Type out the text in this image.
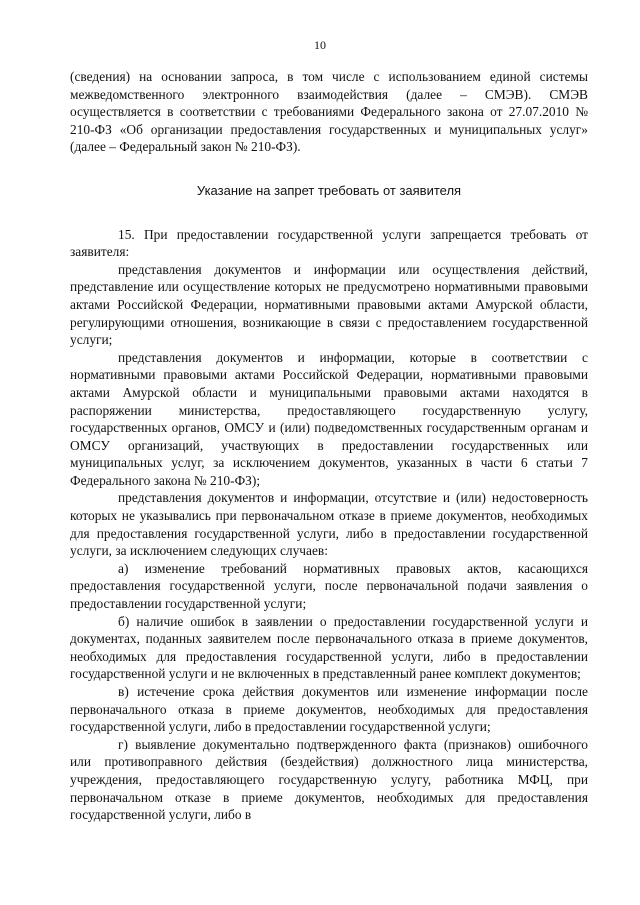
10

(сведения) на основании запроса, в том числе с использованием единой системы межведомственного электронного взаимодействия (далее – СМЭВ). СМЭВ осуществляется в соответствии с требованиями Федерального закона от 27.07.2010 № 210-ФЗ «Об организации предоставления государственных и муниципальных услуг» (далее – Федеральный закон № 210-ФЗ).

Указание на запрет требовать от заявителя

15. При предоставлении государственной услуги запрещается требовать от заявителя:

представления документов и информации или осуществления действий, представление или осуществление которых не предусмотрено нормативными правовыми актами Российской Федерации, нормативными правовыми актами Амурской области, регулирующими отношения, возникающие в связи с предоставлением государственной услуги;

представления документов и информации, которые в соответствии с нормативными правовыми актами Российской Федерации, нормативными правовыми актами Амурской области и муниципальными правовыми актами находятся в распоряжении министерства, предоставляющего государственную услугу, государственных органов, ОМСУ и (или) подведомственных государственным органам и ОМСУ организаций, участвующих в предоставлении государственных или муниципальных услуг, за исключением документов, указанных в части 6 статьи 7 Федерального закона № 210-ФЗ);

представления документов и информации, отсутствие и (или) недостоверность которых не указывались при первоначальном отказе в приеме документов, необходимых для предоставления государственной услуги, либо в предоставлении государственной услуги, за исключением следующих случаев:

а) изменение требований нормативных правовых актов, касающихся предоставления государственной услуги, после первоначальной подачи заявления о предоставлении государственной услуги;

б) наличие ошибок в заявлении о предоставлении государственной услуги и документах, поданных заявителем после первоначального отказа в приеме документов, необходимых для предоставления государственной услуги, либо в предоставлении государственной услуги и не включенных в представленный ранее комплект документов;

в) истечение срока действия документов или изменение информации после первоначального отказа в приеме документов, необходимых для предоставления государственной услуги, либо в предоставлении государственной услуги;

г) выявление документально подтвержденного факта (признаков) ошибочного или противоправного действия (бездействия) должностного лица министерства, учреждения, предоставляющего государственную услугу, работника МФЦ, при первоначальном отказе в приеме документов, необходимых для предоставления государственной услуги, либо в
